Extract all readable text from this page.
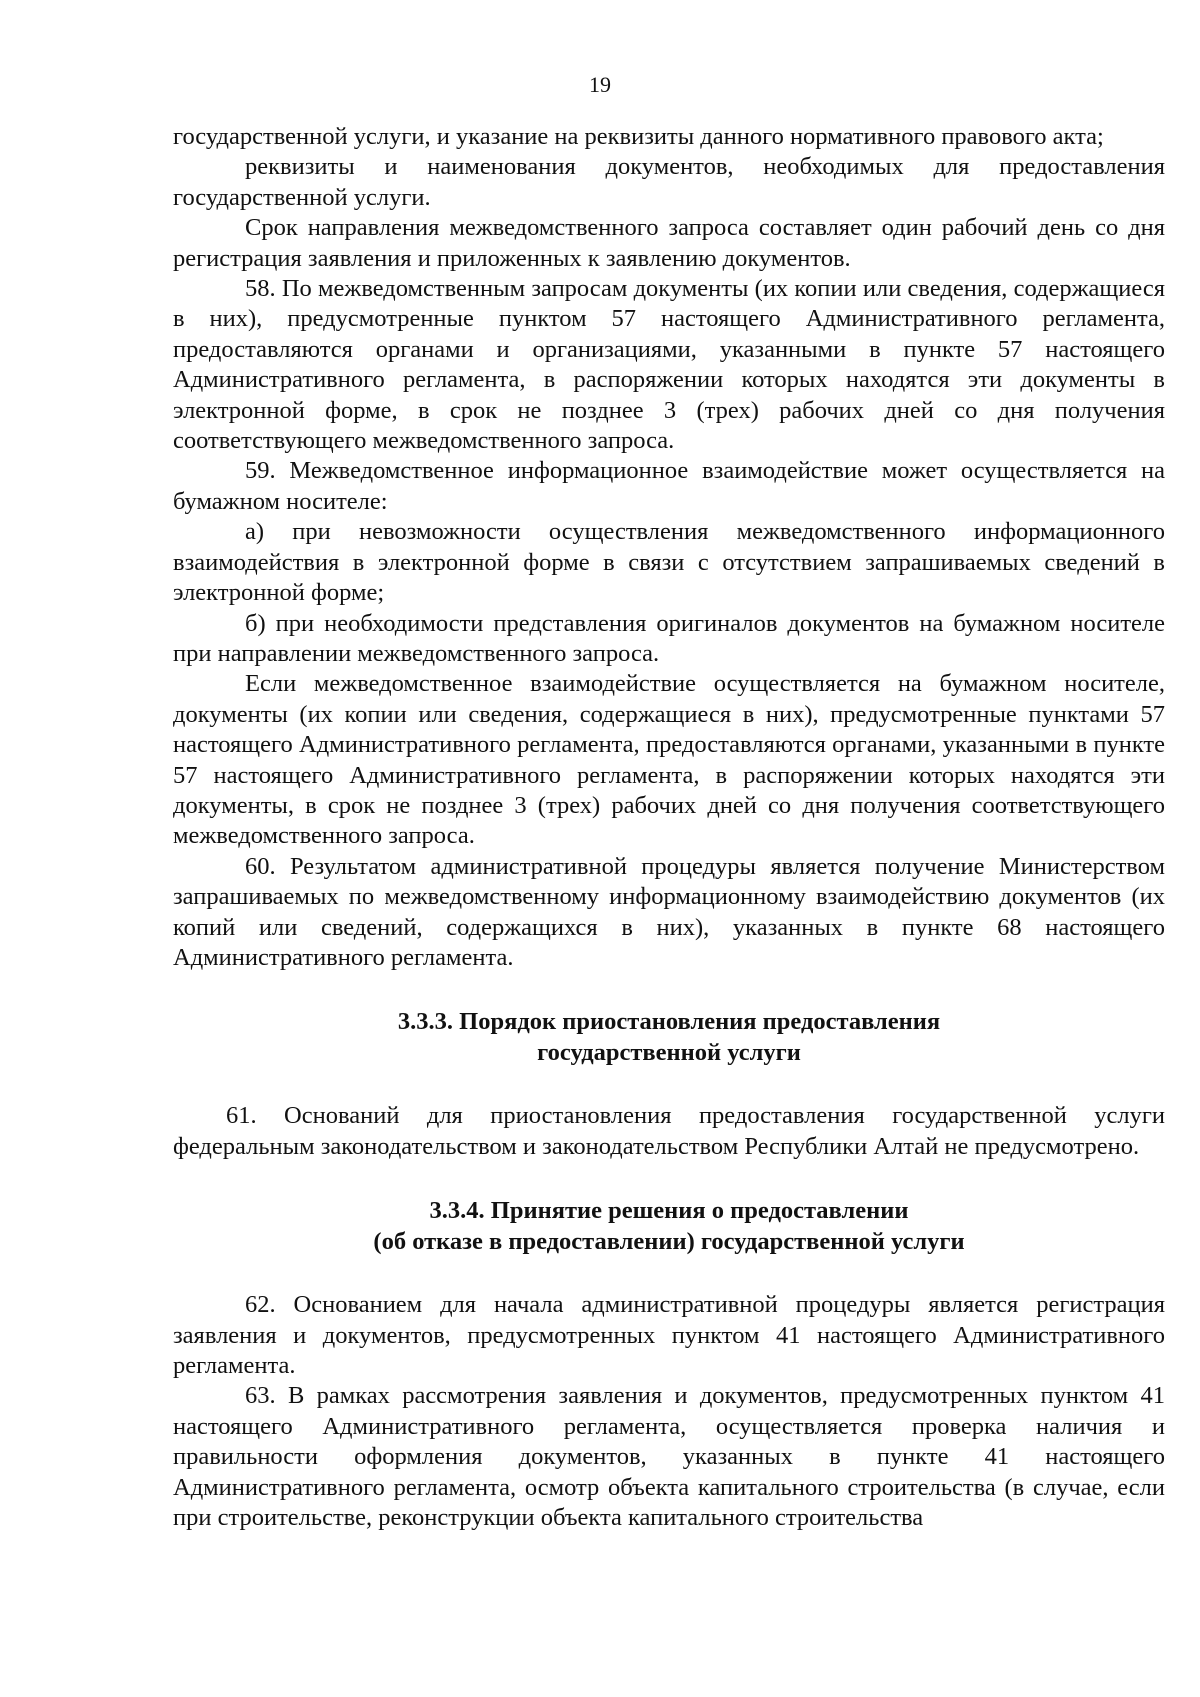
19

государственной услуги, и указание на реквизиты данного нормативного правового акта;

реквизиты и наименования документов, необходимых для предоставления государственной услуги.

Срок направления межведомственного запроса составляет один рабочий день со дня регистрация заявления и приложенных к заявлению документов.

58. По межведомственным запросам документы (их копии или сведения, содержащиеся в них), предусмотренные пунктом 57 настоящего Административного регламента, предоставляются органами и организациями, указанными в пункте 57 настоящего Административного регламента, в распоряжении которых находятся эти документы в электронной форме, в срок не позднее 3 (трех) рабочих дней со дня получения соответствующего межведомственного запроса.

59. Межведомственное информационное взаимодействие может осуществляется на бумажном носителе:

а) при невозможности осуществления межведомственного информационного взаимодействия в электронной форме в связи с отсутствием запрашиваемых сведений в электронной форме;

б) при необходимости представления оригиналов документов на бумажном носителе при направлении межведомственного запроса.

Если межведомственное взаимодействие осуществляется на бумажном носителе, документы (их копии или сведения, содержащиеся в них), предусмотренные пунктами 57 настоящего Административного регламента, предоставляются органами, указанными в пункте 57 настоящего Административного регламента, в распоряжении которых находятся эти документы, в срок не позднее 3 (трех) рабочих дней со дня получения соответствующего межведомственного запроса.

60. Результатом административной процедуры является получение Министерством запрашиваемых по межведомственному информационному взаимодействию документов (их копий или сведений, содержащихся в них), указанных в пункте 68 настоящего Административного регламента.

3.3.3. Порядок приостановления предоставления
государственной услуги

61. Оснований для приостановления предоставления государственной услуги федеральным законодательством и законодательством Республики Алтай не предусмотрено.

3.3.4. Принятие решения о предоставлении
(об отказе в предоставлении) государственной услуги

62. Основанием для начала административной процедуры является регистрация заявления и документов, предусмотренных пунктом 41 настоящего Административного регламента.

63. В рамках рассмотрения заявления и документов, предусмотренных пунктом 41 настоящего Административного регламента, осуществляется проверка наличия и правильности оформления документов, указанных в пункте 41 настоящего Административного регламента, осмотр объекта капитального строительства (в случае, если при строительстве, реконструкции объекта капитального строительства
